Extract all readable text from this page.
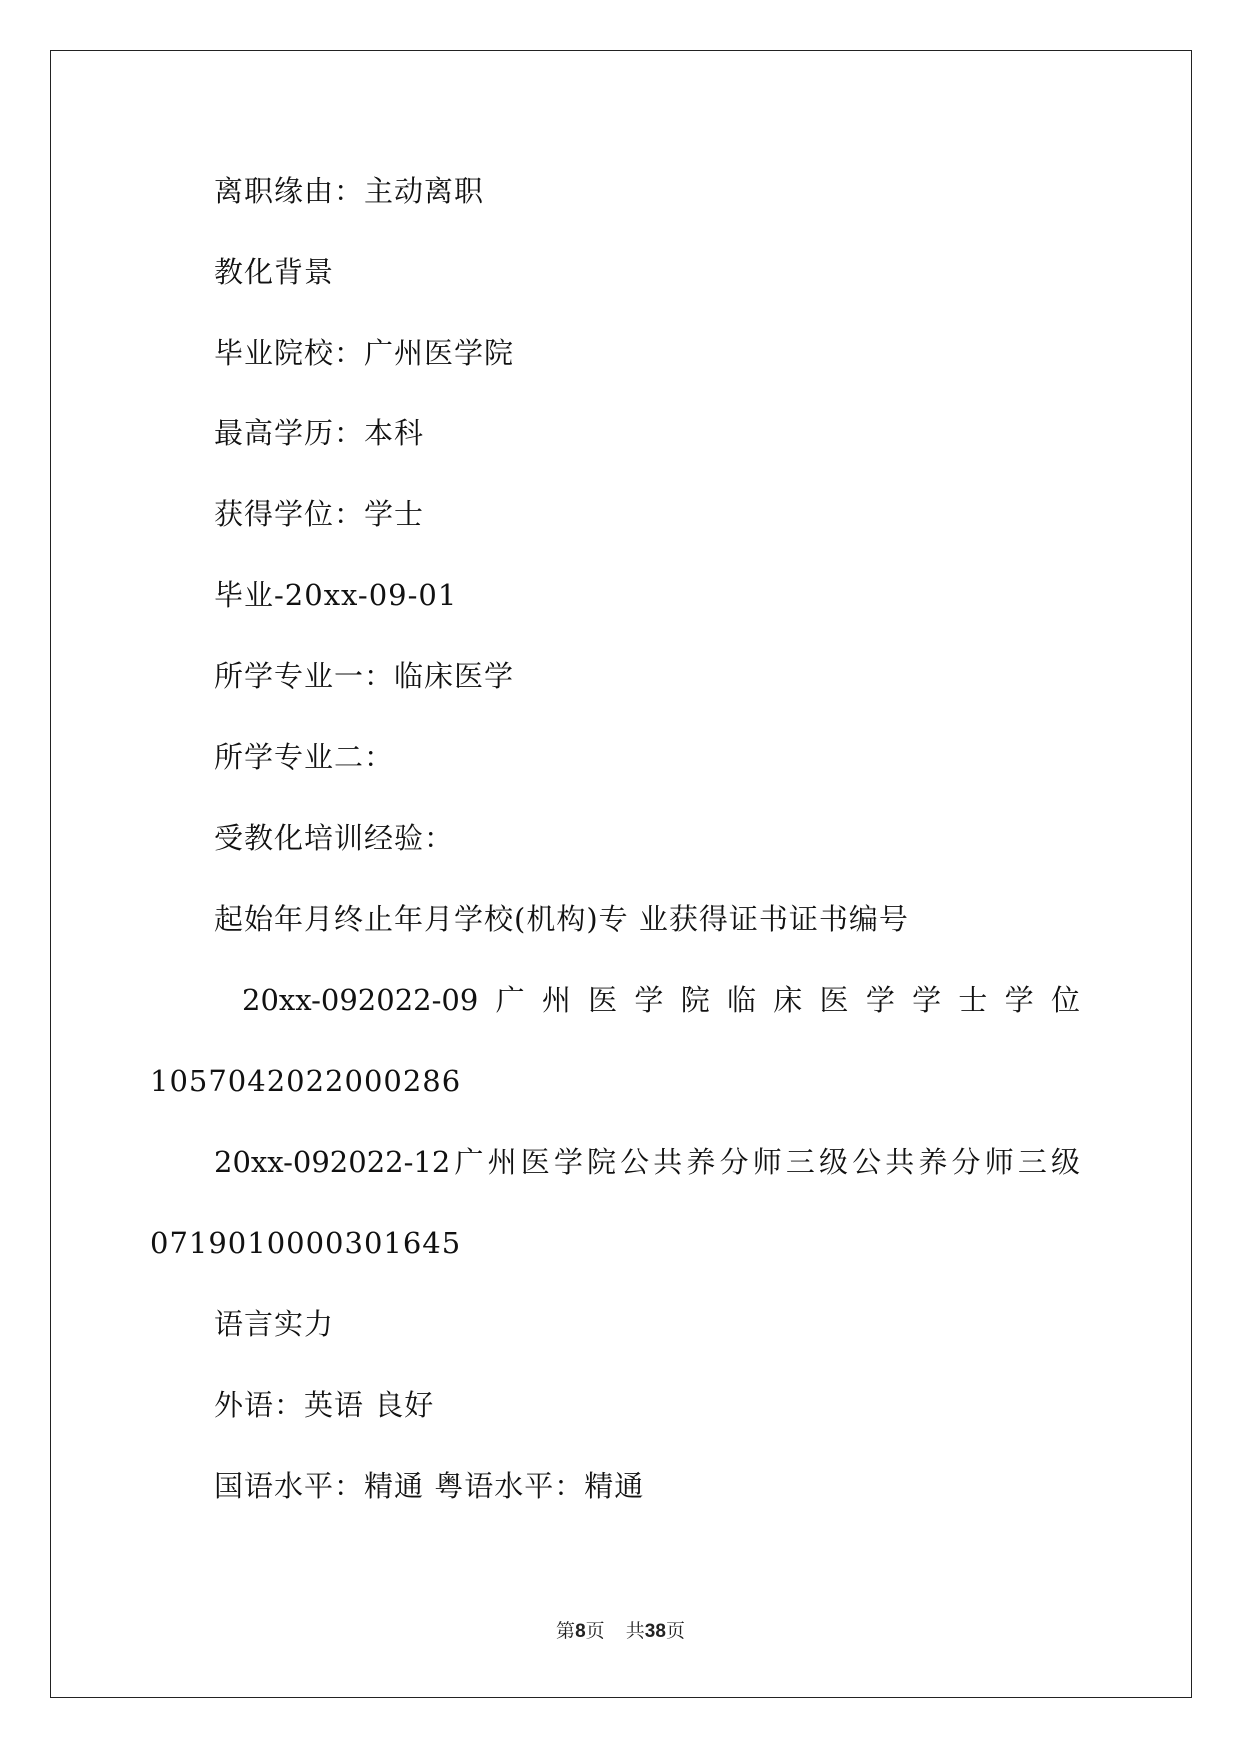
离职缘由：主动离职
教化背景
毕业院校：广州医学院
最高学历：本科
获得学位：学士
毕业-20xx-09-01
所学专业一：临床医学
所学专业二：
受教化培训经验：
起始年月终止年月学校(机构)专 业获得证书证书编号
20xx-092022-09 广 州 医 学 院 临 床 医 学 学 士 学 位
1057042022000286
20xx-092022-12 广 州 医 学 院 公 共 养 分 师 三 级 公 共 养 分 师 三 级
0719010000301645
语言实力
外语：英语 良好
国语水平：精通 粤语水平：精通
第8页 共38页
